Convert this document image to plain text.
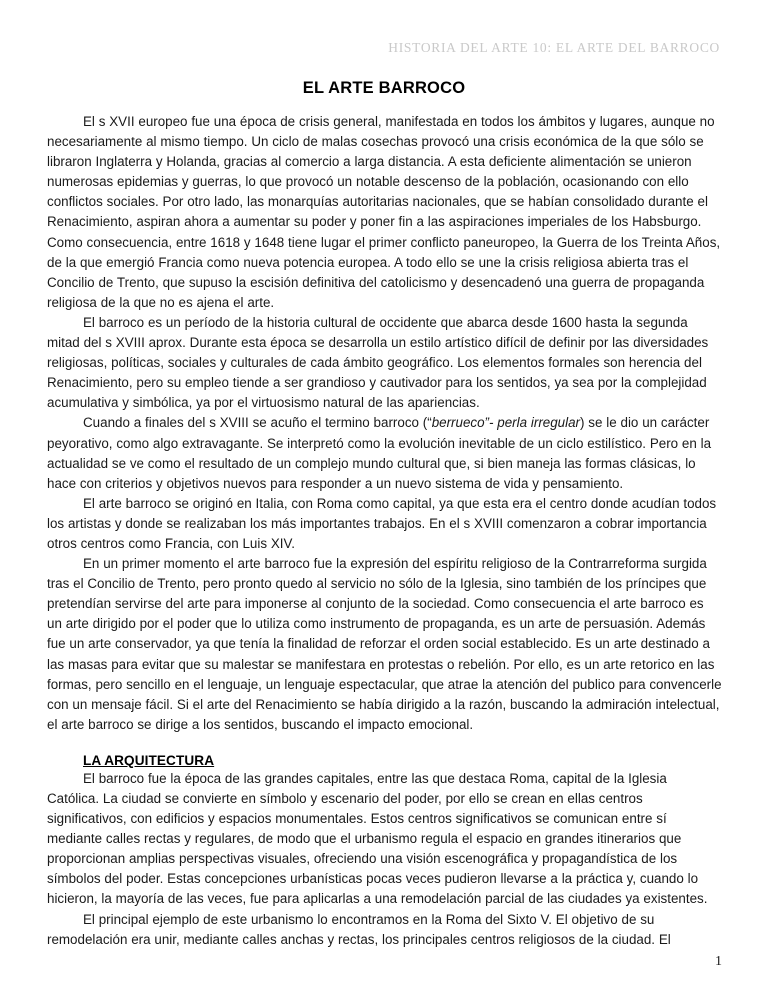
HISTORIA DEL ARTE 10: EL ARTE DEL BARROCO
EL ARTE BARROCO

El s XVII europeo fue una época de crisis general, manifestada en todos los ámbitos y lugares, aunque no necesariamente al mismo tiempo. Un ciclo de malas cosechas provocó una crisis económica de la que sólo se libraron Inglaterra y Holanda, gracias al comercio a larga distancia. A esta deficiente alimentación se unieron numerosas epidemias y guerras, lo que provocó un notable descenso de la población, ocasionando con ello conflictos sociales. Por otro lado, las monarquías autoritarias nacionales, que se habían consolidado durante el Renacimiento, aspiran ahora a aumentar su poder y poner fin a las aspiraciones imperiales de los Habsburgo. Como consecuencia, entre 1618 y 1648 tiene lugar el primer conflicto paneuropeo, la Guerra de los Treinta Años, de la que emergió Francia como nueva potencia europea. A todo ello se une la crisis religiosa abierta tras el Concilio de Trento, que supuso la escisión definitiva del catolicismo y desencadenó una guerra de propaganda religiosa de la que no es ajena el arte.

El barroco es un período de la historia cultural de occidente que abarca desde 1600 hasta la segunda mitad del s XVIII aprox. Durante esta época se desarrolla un estilo artístico difícil de definir por las diversidades religiosas, políticas, sociales y culturales de cada ámbito geográfico. Los elementos formales son herencia del Renacimiento, pero su empleo tiende a ser grandioso y cautivador para los sentidos, ya sea por la complejidad acumulativa y simbólica, ya por el virtuosismo natural de las apariencias.

Cuando a finales del s XVIII se acuño el termino barroco (“berrueco”- perla irregular) se le dio un carácter peyorativo, como algo extravagante. Se interpretó como la evolución inevitable de un ciclo estilístico. Pero en la actualidad se ve como el resultado de un complejo mundo cultural que, si bien maneja las formas clásicas, lo hace con criterios y objetivos nuevos para responder a un nuevo sistema de vida y pensamiento.

El arte barroco se originó en Italia, con Roma como capital, ya que esta era el centro donde acudían todos los artistas y donde se realizaban los más importantes trabajos. En el s XVIII comenzaron a cobrar importancia otros centros como Francia, con Luis XIV.

En un primer momento el arte barroco fue la expresión del espíritu religioso de la Contrarreforma surgida tras el Concilio de Trento, pero pronto quedo al servicio no sólo de la Iglesia, sino también de los príncipes que pretendían servirse del arte para imponerse al conjunto de la sociedad. Como consecuencia el arte barroco es un arte dirigido por el poder que lo utiliza como instrumento de propaganda, es un arte de persuasión. Además fue un arte conservador, ya que tenía la finalidad de reforzar el orden social establecido. Es un arte destinado a las masas para evitar que su malestar se manifestara en protestas o rebelión. Por ello, es un arte retorico en las formas, pero sencillo en el lenguaje, un lenguaje espectacular, que atrae la atención del publico para convencerle con un mensaje fácil. Si el arte del Renacimiento se había dirigido a la razón, buscando la admiración intelectual, el arte barroco se dirige a los sentidos, buscando el impacto emocional.

LA ARQUITECTURA

El barroco fue la época de las grandes capitales, entre las que destaca Roma, capital de la Iglesia Católica. La ciudad se convierte en símbolo y escenario del poder, por ello se crean en ellas centros significativos, con edificios y espacios monumentales. Estos centros significativos se comunican entre sí mediante calles rectas y regulares, de modo que el urbanismo regula el espacio en grandes itinerarios que proporcionan amplias perspectivas visuales, ofreciendo una visión escenográfica y propagandística de los símbolos del poder. Estas concepciones urbanísticas pocas veces pudieron llevarse a la práctica y, cuando lo hicieron, la mayoría de las veces, fue para aplicarlas a una remodelación parcial de las ciudades ya existentes.

El principal ejemplo de este urbanismo lo encontramos en la Roma del Sixto V. El objetivo de su remodelación era unir, mediante calles anchas y rectas, los principales centros religiosos de la ciudad. El

1
